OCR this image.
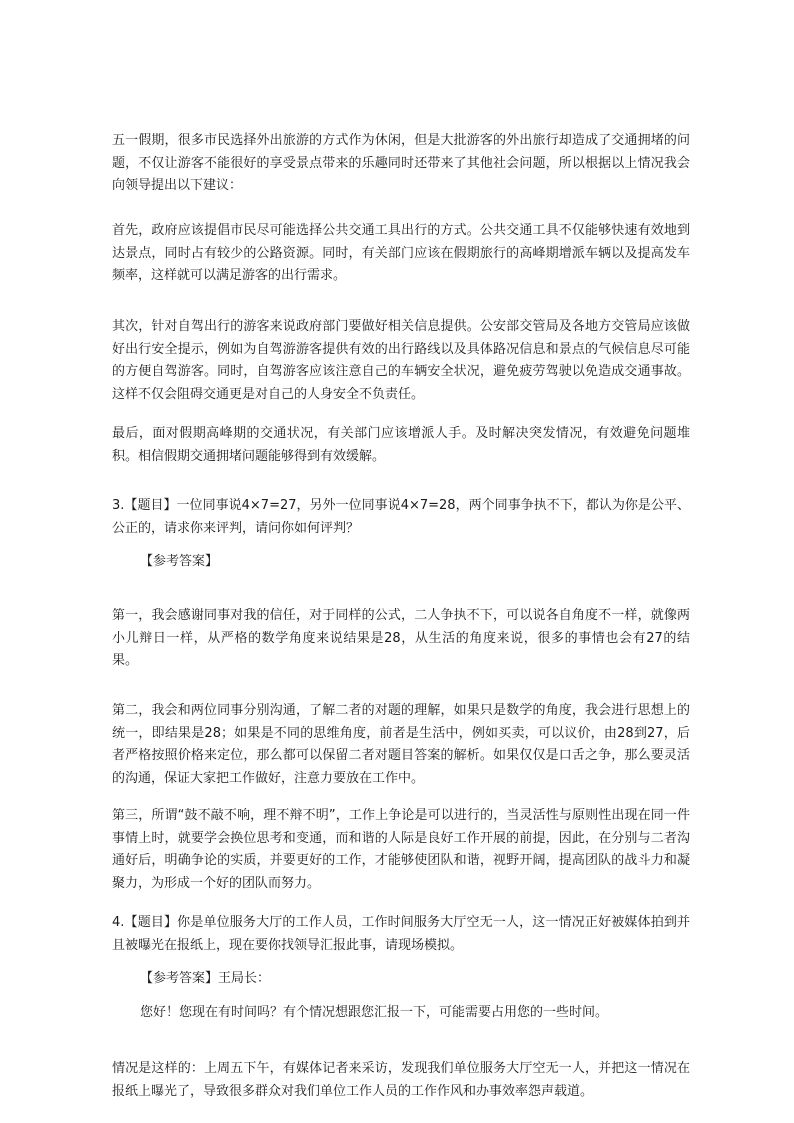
五一假期，很多市民选择外出旅游的方式作为休闲，但是大批游客的外出旅行却造成了交通拥堵的问题，不仅让游客不能很好的享受景点带来的乐趣同时还带来了其他社会问题，所以根据以上情况我会向领导提出以下建议：

首先，政府应该提倡市民尽可能选择公共交通工具出行的方式。公共交通工具不仅能够快速有效地到达景点，同时占有较少的公路资源。同时，有关部门应该在假期旅行的高峰期增派车辆以及提高发车频率，这样就可以满足游客的出行需求。

其次，针对自驾出行的游客来说政府部门要做好相关信息提供。公安部交管局及各地方交管局应该做好出行安全提示，例如为自驾游游客提供有效的出行路线以及具体路况信息和景点的气候信息尽可能的方便自驾游客。同时，自驾游客应该注意自己的车辆安全状况，避免疲劳驾驶以免造成交通事故。这样不仅会阻碍交通更是对自己的人身安全不负责任。

最后，面对假期高峰期的交通状况，有关部门应该增派人手。及时解决突发情况，有效避免问题堆积。相信假期交通拥堵问题能够得到有效缓解。

3.【题目】一位同事说4×7=27，另外一位同事说4×7=28，两个同事争执不下，都认为你是公平、公正的，请求你来评判，请问你如何评判？

【参考答案】

第一，我会感谢同事对我的信任，对于同样的公式，二人争执不下，可以说各自角度不一样，就像两小儿辩日一样，从严格的数学角度来说结果是28，从生活的角度来说，很多的事情也会有27的结果。

第二，我会和两位同事分别沟通，了解二者的对题的理解，如果只是数学的角度，我会进行思想上的统一，即结果是28；如果是不同的思维角度，前者是生活中，例如买卖，可以议价，由28到27，后者严格按照价格来定位，那么都可以保留二者对题目答案的解析。如果仅仅是口舌之争，那么要灵活的沟通，保证大家把工作做好，注意力要放在工作中。

第三，所谓“鼓不敲不响，理不辩不明”，工作上争论是可以进行的，当灵活性与原则性出现在同一件事情上时，就要学会换位思考和变通，而和谐的人际是良好工作开展的前提，因此，在分别与二者沟通好后，明确争论的实质，并要更好的工作，才能够使团队和谐，视野开阔，提高团队的战斗力和凝聚力，为形成一个好的团队而努力。

4.【题目】你是单位服务大厅的工作人员，工作时间服务大厅空无一人，这一情况正好被媒体拍到并且被曝光在报纸上，现在要你找领导汇报此事，请现场模拟。

【参考答案】王局长：

您好！您现在有时间吗？有个情况想跟您汇报一下，可能需要占用您的一些时间。

情况是这样的：上周五下午，有媒体记者来采访，发现我们单位服务大厅空无一人，并把这一情况在报纸上曝光了，导致很多群众对我们单位工作人员的工作作风和办事效率怨声载道。
